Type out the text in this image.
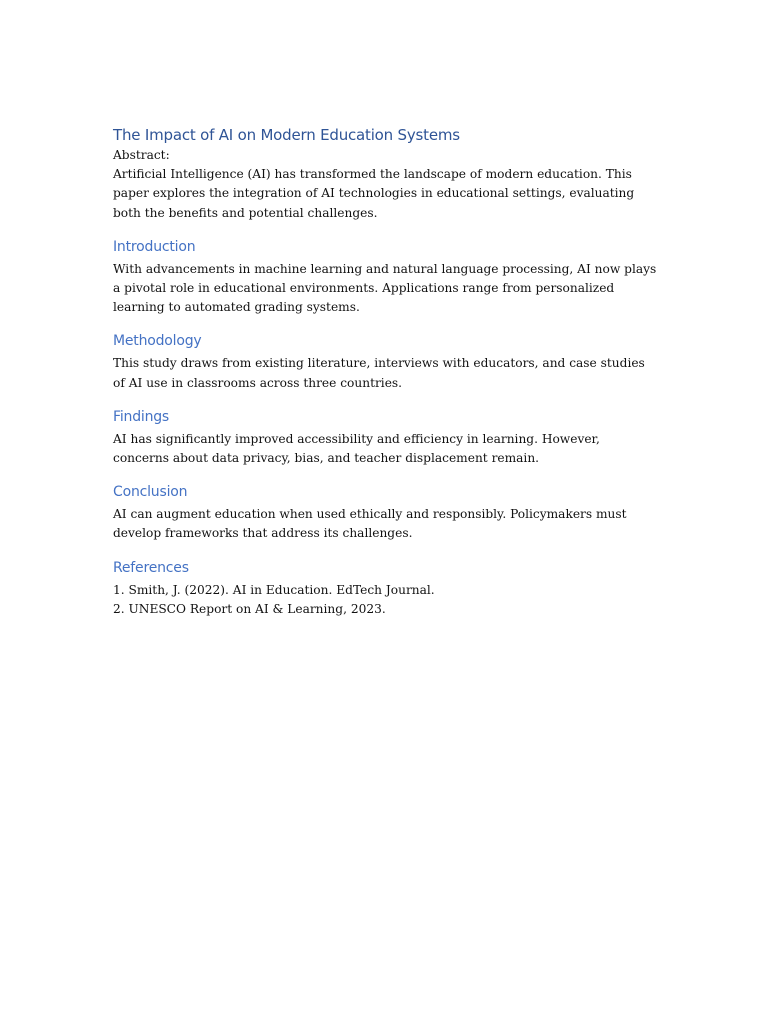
The Impact of AI on Modern Education Systems

Abstract:

Artificial Intelligence (AI) has transformed the landscape of modern education. This paper explores the integration of AI technologies in educational settings, evaluating both the benefits and potential challenges.

Introduction

With advancements in machine learning and natural language processing, AI now plays a pivotal role in educational environments. Applications range from personalized learning to automated grading systems.

Methodology

This study draws from existing literature, interviews with educators, and case studies of AI use in classrooms across three countries.

Findings

AI has significantly improved accessibility and efficiency in learning. However, concerns about data privacy, bias, and teacher displacement remain.

Conclusion

AI can augment education when used ethically and responsibly. Policymakers must develop frameworks that address its challenges.

References
1. Smith, J. (2022). AI in Education. EdTech Journal.
2. UNESCO Report on AI & Learning, 2023.
